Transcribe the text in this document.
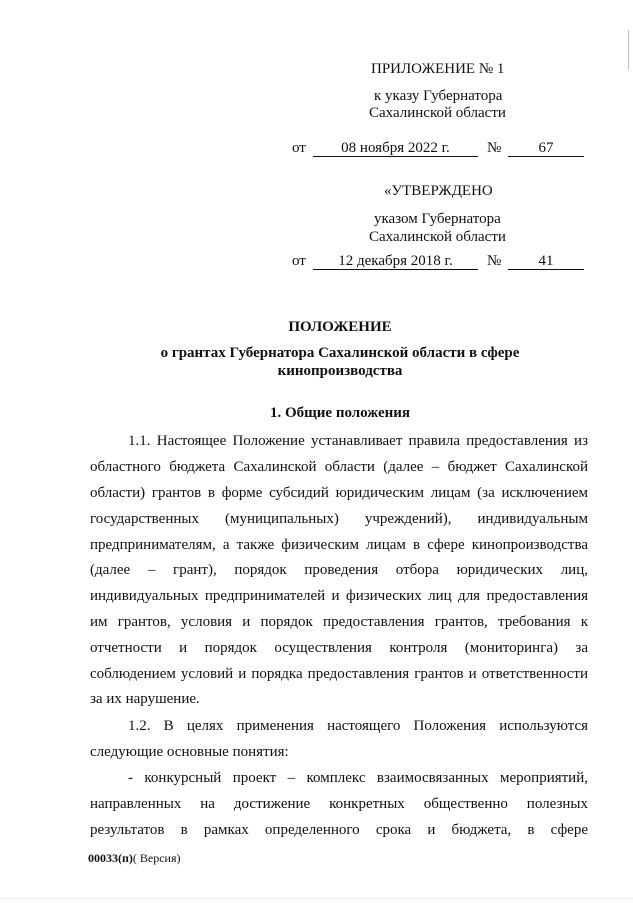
ПРИЛОЖЕНИЕ № 1
к указу Губернатора
Сахалинской области
от	08 ноября 2022 г.	№	67
«УТВЕРЖДЕНО
указом Губернатора
Сахалинской области
от	12 декабря 2018 г.	№	41
ПОЛОЖЕНИЕ
о грантах Губернатора Сахалинской области в сфере
кинопроизводства
1. Общие положения
1.1. Настоящее Положение устанавливает правила предоставления из
областного бюджета Сахалинской области (далее – бюджет Сахалинской
области) грантов в форме субсидий юридическим лицам (за исключением
государственных (муниципальных) учреждений), индивидуальным
предпринимателям, а также физическим лицам в сфере кинопроизводства
(далее – грант), порядок проведения отбора юридических лиц,
индивидуальных предпринимателей и физических лиц для предоставления
им грантов, условия и порядок предоставления грантов, требования к
отчетности и порядок осуществления контроля (мониторинга) за
соблюдением условий и порядка предоставления грантов и ответственности
за их нарушение.
1.2. В целях применения настоящего Положения используются
следующие основные понятия:
- конкурсный проект – комплекс взаимосвязанных мероприятий,
направленных на достижение конкретных общественно полезных
результатов в рамках определенного срока и бюджета, в сфере
00033(п)( Версия)
